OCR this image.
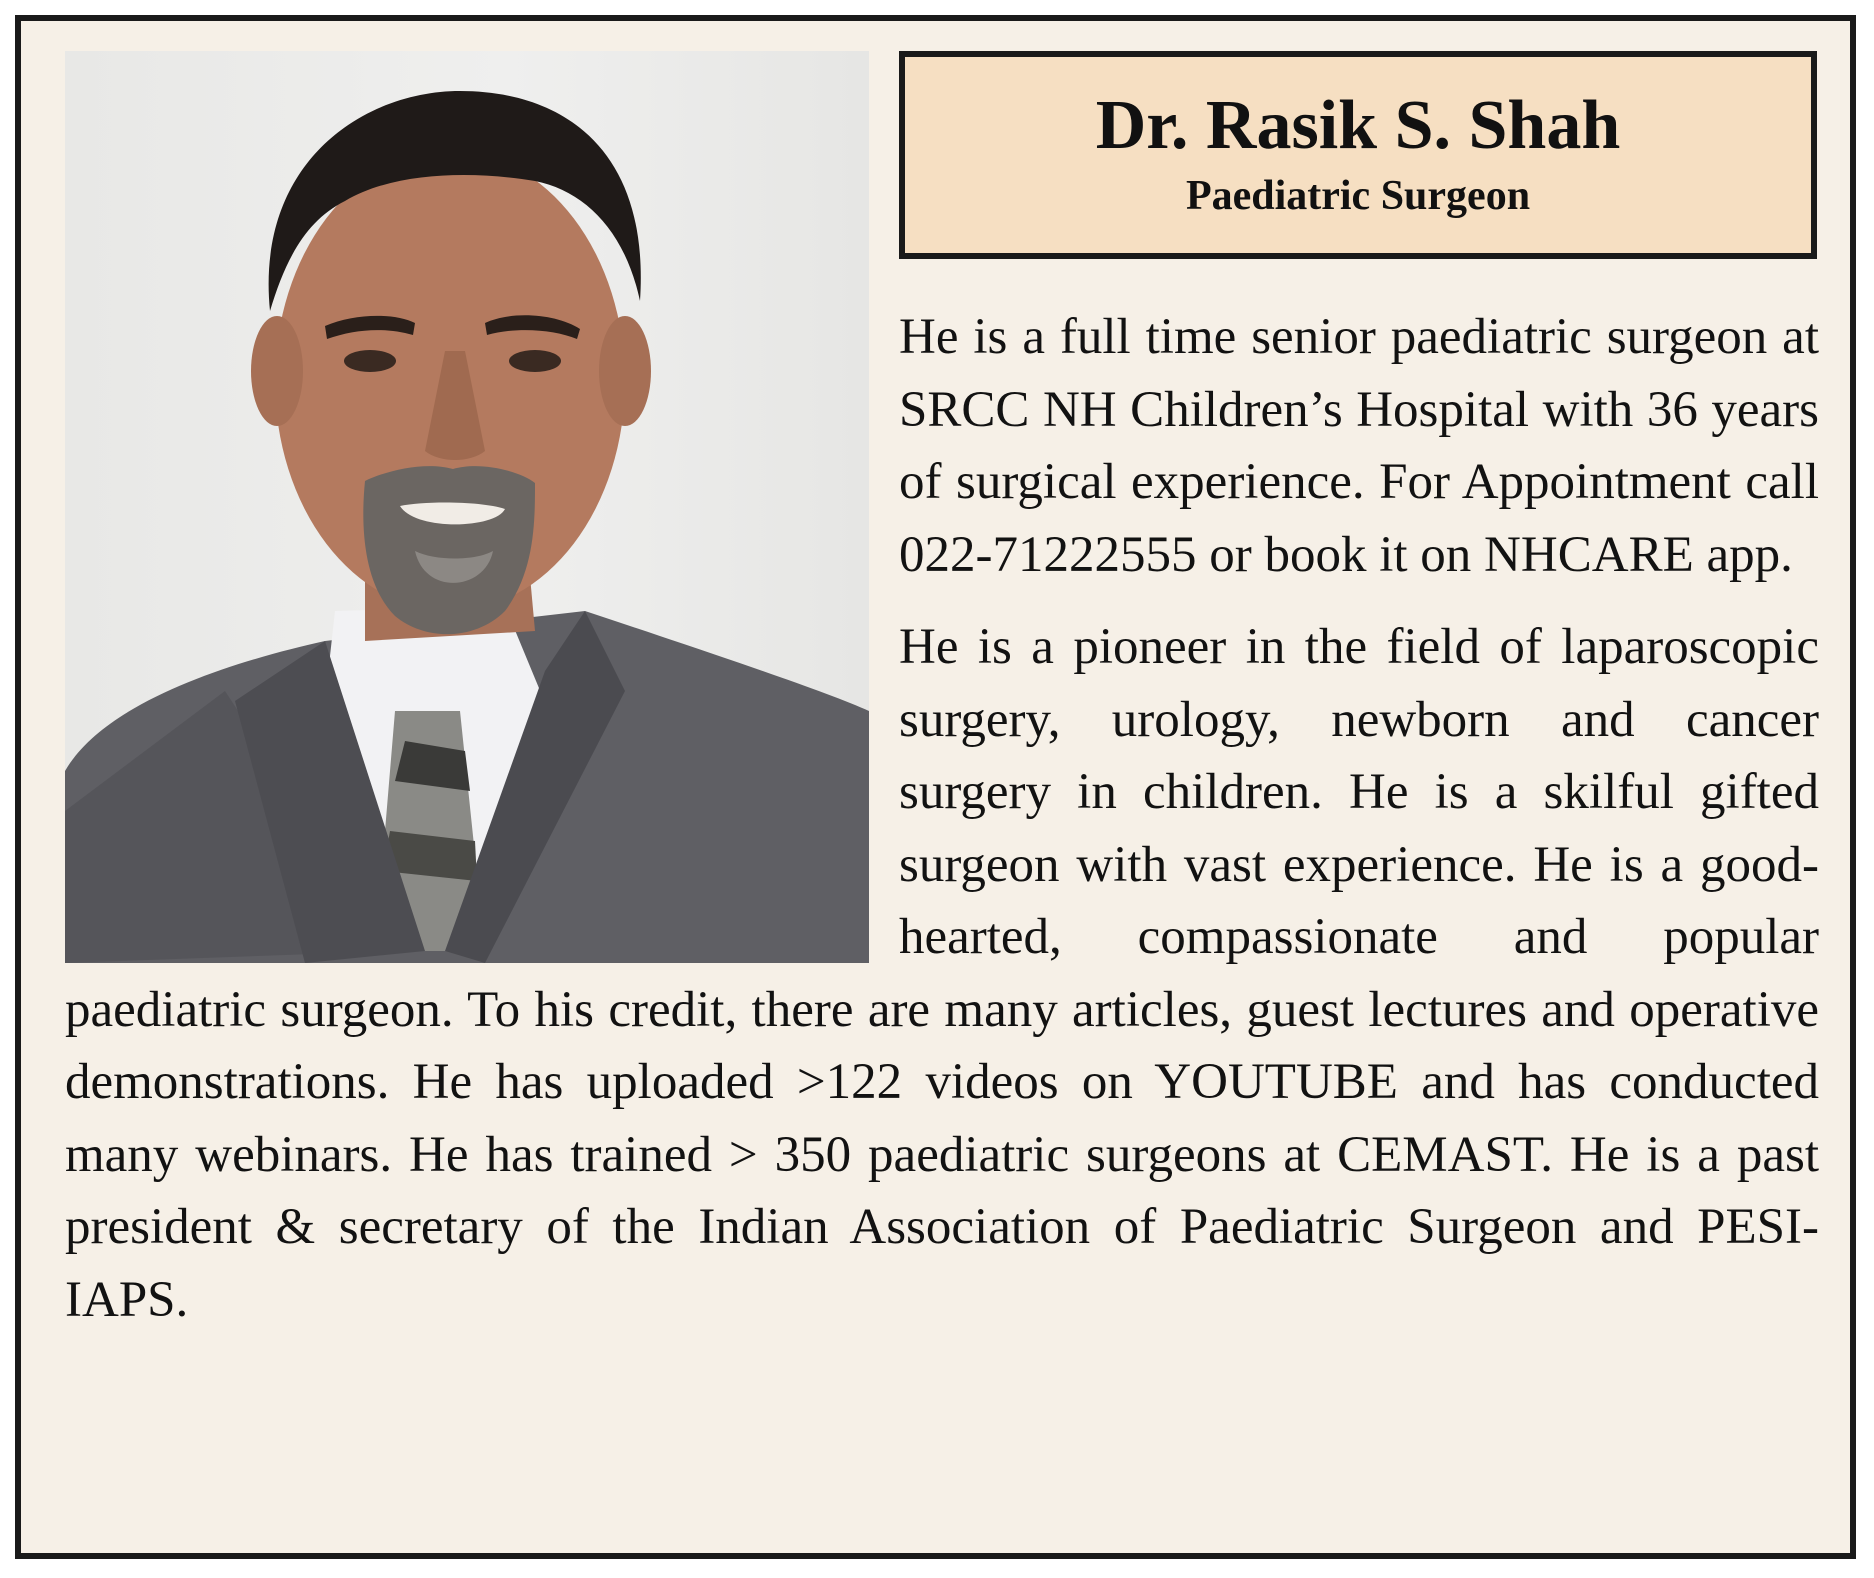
Dr. Rasik S. Shah
Paediatric Surgeon

He is a full time senior paediatric surgeon at SRCC NH Children’s Hospital with 36 years of surgical experience. For Appointment call 022-71222555 or book it on NHCARE app.

He is a pioneer in the field of laparoscopic surgery, urology, newborn and cancer surgery in children. He is a skilful gifted surgeon with vast experience. He is a good-hearted, compassionate and popular paediatric surgeon. To his credit, there are many articles, guest lectures and operative demonstrations. He has uploaded >122 videos on YOUTUBE and has conducted many webinars. He has trained > 350 paediatric surgeons at CEMAST. He is a past president & secretary of the Indian Association of Paediatric Surgeon and PESI-IAPS.
